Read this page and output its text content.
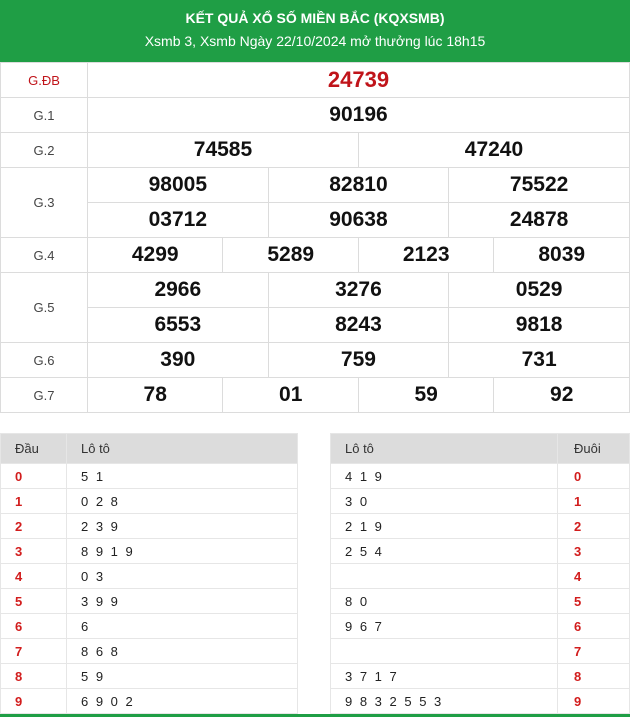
KẾT QUẢ XỔ SỐ MIỀN BẮC (KQXSMB)
Xsmb 3, Xsmb Ngày 22/10/2024 mở thưởng lúc 18h15
G.ĐB	24739					
G.1	90196					
G.2	74585			47240		
G.3	98005		82810		75522	
	03712		90638		24878	
G.4	4299	5289		2123		8039
G.5	2966		3276		0529	
	6553		8243		9818	
G.6	390		759		731	
G.7	78	01		59		92
Đầu	Lô tô
0	5 1
1	0 2 8
2	2 3 9
3	8 9 1 9
4	0 3
5	3 9 9
6	6
7	8 6 8
8	5 9
9	6 9 0 2
Lô tô	Đuôi
4 1 9	0
3 0	1
2 1 9	2
2 5 4	3
	4
8 0	5
9 6 7	6
	7
3 7 1 7	8
9 8 3 2 5 5 3	9
